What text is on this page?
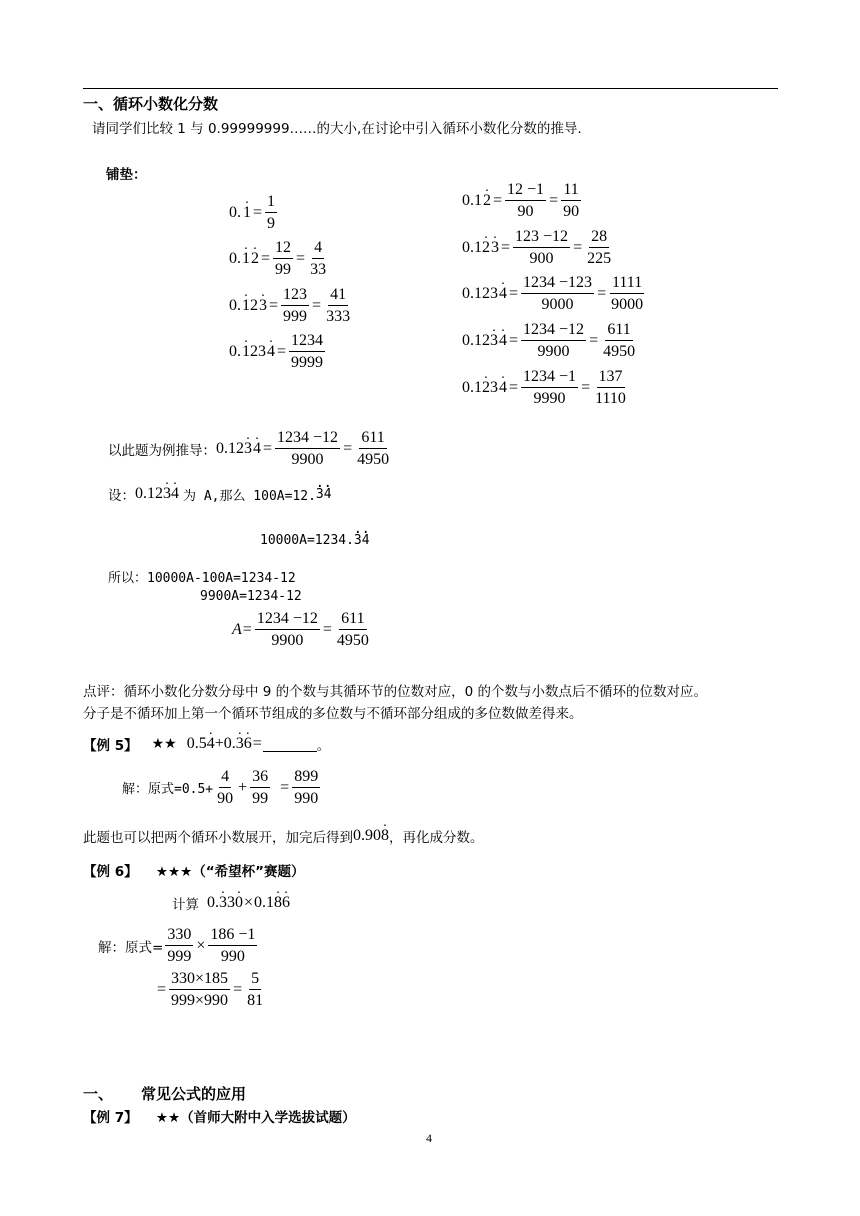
一、循环小数化分数
请同学们比较 1 与 0.99999999……的大小,在讨论中引入循环小数化分数的推导.
铺垫：
0. 1 . = $\frac{1}{9}$
0. 1 . 2 . = $\frac{12}{99} = \frac{4}{33}$
0. 1 . 2 3 . = $\frac{123}{999} = \frac{41}{333}$
0. 1 . 23 4 . = $\frac{1234}{9999}$
0.1 2 . = $\frac{12 -1}{90} = \frac{11}{90}$
0.1 2 . 3 . = $\frac{123 -12}{900} = \frac{28}{225}$
0.123 4 . = $\frac{1234 -123}{9000} = \frac{1111}{9000}$
0.12 3 . 4 . = $\frac{1234 -12}{9900} = \frac{611}{4950}$
0.1 2 . 3 4 . = $\frac{1234 -1}{9990} = \frac{137}{1110}$
以此题为例推导： 0.12 3 . 4 . = $\frac{1234 -12}{9900} = \frac{611}{4950}$
设： 0.12 3 . 4 . 为 A,那么 100A=12. 3 . 4 .
10000A=1234. 3 . 4 .
所以：10000A-100A=1234-12
9900A=1234-12
$A = \frac{1234 -12}{9900} = \frac{611}{4950}$
点评：循环小数化分数分母中 9 的个数与其循环节的位数对应，0 的个数与小数点后不循环的位数对应。
分子是不循环加上第一个循环节组成的多位数与不循环部分组成的多位数做差得来。
【例 5】 ★★ 0.5 4 . +0. 3 . 6 . =	。
解：原式$=0.5+ \frac{4}{90} + \frac{36}{99} = \frac{899}{990}$
此题也可以把两个循环小数展开，加完后得到 0.90 8 . ，再化成分数。
【例 6】 ★★★（“希望杯”赛题）
计算 0. 3 . 3 0 . × 0.1 8 . 6 .
解：原式= $\frac{330}{999} \times \frac{186 -1}{990}$
= $\frac{330\times 185}{999\times 990} = \frac{5}{81}$
一、 常见公式的应用
【例 7】 ★★（首师大附中入学选拔试题）
4
